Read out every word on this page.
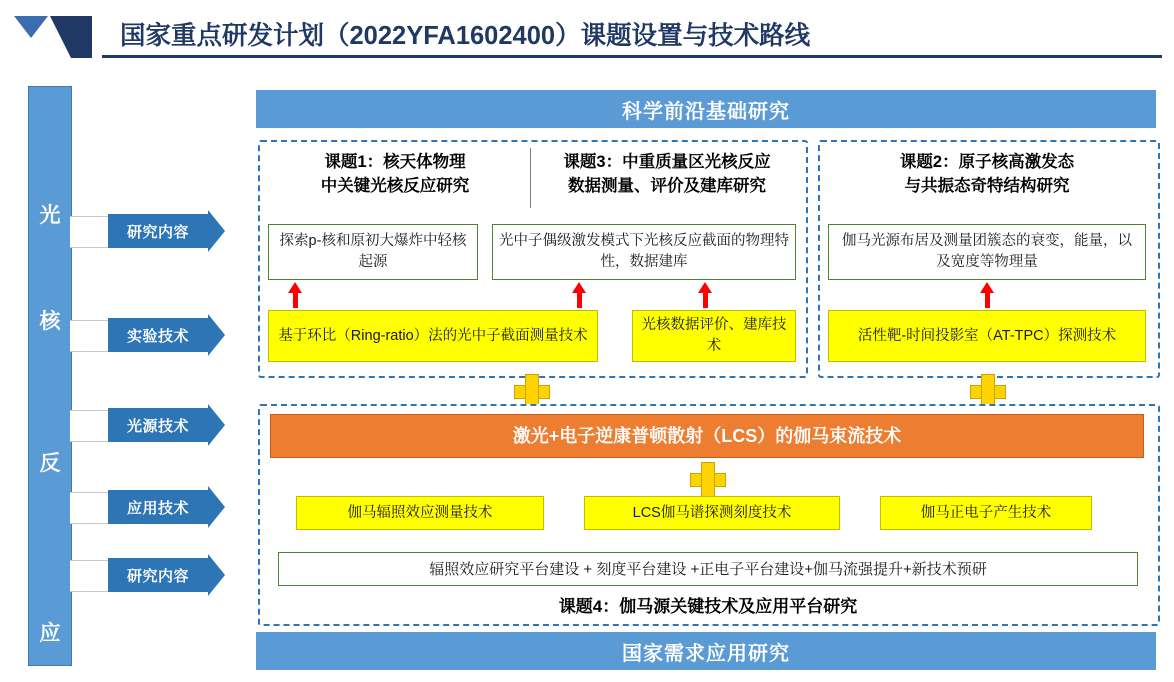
国家重点研发计划（2022YFA1602400）课题设置与技术路线
光
核
反
应
科学前沿基础研究
研究内容
实验技术
光源技术
应用技术
研究内容
课题1：核天体物理
中关键光核反应研究
课题3：中重质量区光核反应
数据测量、评价及建库研究
探索p-核和原初大爆炸中轻核起源
光中子偶级激发模式下光核反应截面的物理特性，数据建库
基于环比（Ring-ratio）法的光中子截面测量技术
光核数据评价、建库技术
课题2：原子核高激发态
与共振态奇特结构研究
伽马光源布居及测量团簇态的衰变，能量，以及宽度等物理量
活性靶-时间投影室（AT-TPC）探测技术
激光+电子逆康普顿散射（LCS）的伽马束流技术
伽马辐照效应测量技术	LCS伽马谱探测刻度技术	伽马正电子产生技术
辐照效应研究平台建设 + 刻度平台建设 +正电子平台建设+伽马流强提升+新技术预研
课题4：伽马源关键技术及应用平台研究
国家需求应用研究
